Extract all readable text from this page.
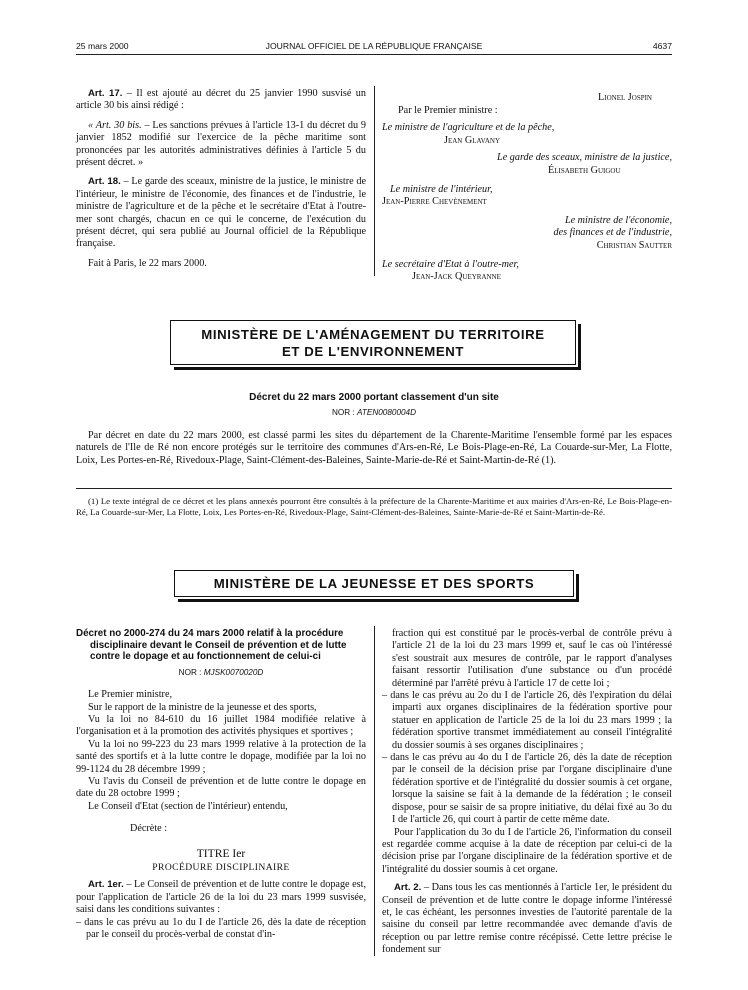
25 mars 2000	JOURNAL OFFICIEL DE LA RÉPUBLIQUE FRANÇAISE	4637

Art. 17. – Il est ajouté au décret du 25 janvier 1990 susvisé un article 30 bis ainsi rédigé :

« Art. 30 bis. – Les sanctions prévues à l'article 13-1 du décret du 9 janvier 1852 modifié sur l'exercice de la pêche maritime sont prononcées par les autorités administratives définies à l'article 5 du présent décret. »

Art. 18. – Le garde des sceaux, ministre de la justice, le ministre de l'intérieur, le ministre de l'économie, des finances et de l'industrie, le ministre de l'agriculture et de la pêche et le secrétaire d'Etat à l'outre-mer sont chargés, chacun en ce qui le concerne, de l'exécution du présent décret, qui sera publié au Journal officiel de la République française.

Fait à Paris, le 22 mars 2000.

Lionel Jospin
Par le Premier ministre :
Le ministre de l'agriculture et de la pêche,
Jean Glavany
Le garde des sceaux, ministre de la justice,
Élisabeth Guigou
Le ministre de l'intérieur,
Jean-Pierre Chevènement
Le ministre de l'économie,
des finances et de l'industrie,
Christian Sautter
Le secrétaire d'Etat à l'outre-mer,
Jean-Jack Queyranne
MINISTÈRE DE L'AMÉNAGEMENT DU TERRITOIRE
ET DE L'ENVIRONNEMENT
Décret du 22 mars 2000 portant classement d'un site
NOR : ATEN0080004D

Par décret en date du 22 mars 2000, est classé parmi les sites du département de la Charente-Maritime l'ensemble formé par les espaces naturels de l'Ile de Ré non encore protégés sur le territoire des communes d'Ars-en-Ré, Le Bois-Plage-en-Ré, La Couarde-sur-Mer, La Flotte, Loix, Les Portes-en-Ré, Rivedoux-Plage, Saint-Clément-des-Baleines, Sainte-Marie-de-Ré et Saint-Martin-de-Ré (1).

(1) Le texte intégral de ce décret et les plans annexés pourront être consultés à la préfecture de la Charente-Maritime et aux mairies d'Ars-en-Ré, Le Bois-Plage-en-Ré, La Couarde-sur-Mer, La Flotte, Loix, Les Portes-en-Ré, Rivedoux-Plage, Saint-Clément-des-Baleines, Sainte-Marie-de-Ré et Saint-Martin-de-Ré.

MINISTÈRE DE LA JEUNESSE ET DES SPORTS

Décret no 2000-274 du 24 mars 2000 relatif à la procédure disciplinaire devant le Conseil de prévention et de lutte contre le dopage et au fonctionnement de celui-ci

NOR : MJSK0070020D

Le Premier ministre,

Sur le rapport de la ministre de la jeunesse et des sports,

Vu la loi no 84-610 du 16 juillet 1984 modifiée relative à l'organisation et à la promotion des activités physiques et sportives ;

Vu la loi no 99-223 du 23 mars 1999 relative à la protection de la santé des sportifs et à la lutte contre le dopage, modifiée par la loi no 99-1124 du 28 décembre 1999 ;

Vu l'avis du Conseil de prévention et de lutte contre le dopage en date du 28 octobre 1999 ;

Le Conseil d'Etat (section de l'intérieur) entendu,

Décrète :

TITRE Ier

PROCÉDURE DISCIPLINAIRE

Art. 1er. – Le Conseil de prévention et de lutte contre le dopage est, pour l'application de l'article 26 de la loi du 23 mars 1999 susvisée, saisi dans les conditions suivantes :

– dans le cas prévu au 1o du I de l'article 26, dès la date de réception par le conseil du procès-verbal de constat d'in-

fraction qui est constitué par le procès-verbal de contrôle prévu à l'article 21 de la loi du 23 mars 1999 et, sauf le cas où l'intéressé s'est soustrait aux mesures de contrôle, par le rapport d'analyses faisant ressortir l'utilisation d'une substance ou d'un procédé déterminé par l'arrêté prévu à l'article 17 de cette loi ;

– dans le cas prévu au 2o du I de l'article 26, dès l'expiration du délai imparti aux organes disciplinaires de la fédération sportive pour statuer en application de l'article 25 de la loi du 23 mars 1999 ; la fédération sportive transmet immédiatement au conseil l'intégralité du dossier soumis à ses organes disciplinaires ;

– dans le cas prévu au 4o du I de l'article 26, dès la date de réception par le conseil de la décision prise par l'organe disciplinaire d'une fédération sportive et de l'intégralité du dossier soumis à cet organe, lorsque la saisine se fait à la demande de la fédération ; le conseil dispose, pour se saisir de sa propre initiative, du délai fixé au 3o du I de l'article 26, qui court à partir de cette même date.

Pour l'application du 3o du I de l'article 26, l'information du conseil est regardée comme acquise à la date de réception par celui-ci de la décision prise par l'organe disciplinaire de la fédération sportive et de l'intégralité du dossier soumis à cet organe.

Art. 2. – Dans tous les cas mentionnés à l'article 1er, le président du Conseil de prévention et de lutte contre le dopage informe l'intéressé et, le cas échéant, les personnes investies de l'autorité parentale de la saisine du conseil par lettre recommandée avec demande d'avis de réception ou par lettre remise contre récépissé. Cette lettre précise le fondement sur
